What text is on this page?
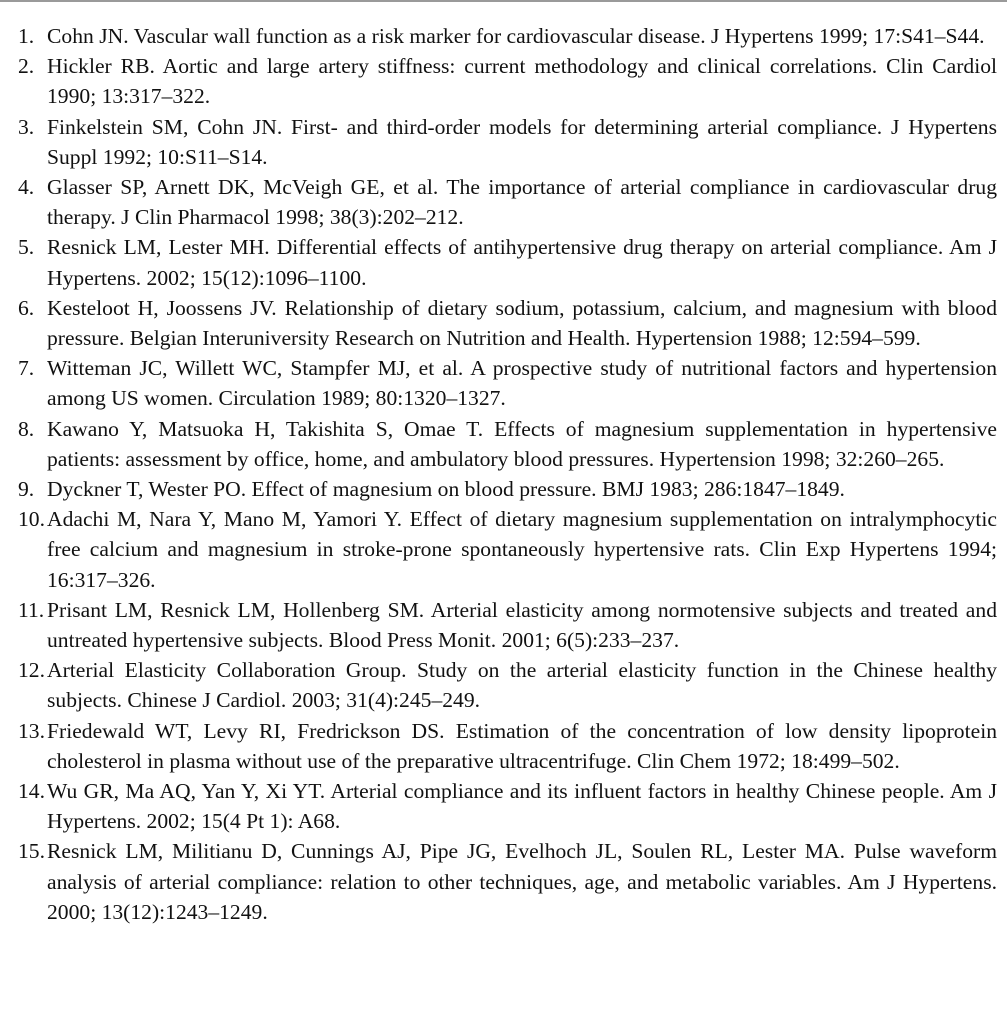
1. Cohn JN. Vascular wall function as a risk marker for cardiovascular disease. J Hypertens 1999; 17:S41–S44.
2. Hickler RB. Aortic and large artery stiffness: current methodology and clinical correlations. Clin Cardiol 1990; 13:317–322.
3. Finkelstein SM, Cohn JN. First- and third-order models for determining arterial compliance. J Hypertens Suppl 1992; 10:S11–S14.
4. Glasser SP, Arnett DK, McVeigh GE, et al. The importance of arterial compliance in cardiovascular drug therapy. J Clin Pharmacol 1998; 38(3):202–212.
5. Resnick LM, Lester MH. Differential effects of antihypertensive drug therapy on arterial compliance. Am J Hypertens. 2002; 15(12):1096–1100.
6. Kesteloot H, Joossens JV. Relationship of dietary sodium, potassium, calcium, and magnesium with blood pressure. Belgian Interuniversity Research on Nutrition and Health. Hypertension 1988; 12:594–599.
7. Witteman JC, Willett WC, Stampfer MJ, et al. A prospective study of nutritional factors and hypertension among US women. Circulation 1989; 80:1320–1327.
8. Kawano Y, Matsuoka H, Takishita S, Omae T. Effects of magnesium supplementation in hypertensive patients: assessment by office, home, and ambulatory blood pressures. Hypertension 1998; 32:260–265.
9. Dyckner T, Wester PO. Effect of magnesium on blood pressure. BMJ 1983; 286:1847–1849.
10. Adachi M, Nara Y, Mano M, Yamori Y. Effect of dietary magnesium supplementation on intralymphocytic free calcium and magnesium in stroke-prone spontaneously hypertensive rats. Clin Exp Hypertens 1994; 16:317–326.
11. Prisant LM, Resnick LM, Hollenberg SM. Arterial elasticity among normotensive subjects and treated and untreated hypertensive subjects. Blood Press Monit. 2001; 6(5):233–237.
12. Arterial Elasticity Collaboration Group. Study on the arterial elasticity function in the Chinese healthy subjects. Chinese J Cardiol. 2003; 31(4):245–249.
13. Friedewald WT, Levy RI, Fredrickson DS. Estimation of the concentration of low density lipoprotein cholesterol in plasma without use of the preparative ultracentrifuge. Clin Chem 1972; 18:499–502.
14. Wu GR, Ma AQ, Yan Y, Xi YT. Arterial compliance and its influent factors in healthy Chinese people. Am J Hypertens. 2002; 15(4 Pt 1): A68.
15. Resnick LM, Militianu D, Cunnings AJ, Pipe JG, Evelhoch JL, Soulen RL, Lester MA. Pulse waveform analysis of arterial compliance: relation to other techniques, age, and metabolic variables. Am J Hypertens. 2000; 13(12):1243–1249.
